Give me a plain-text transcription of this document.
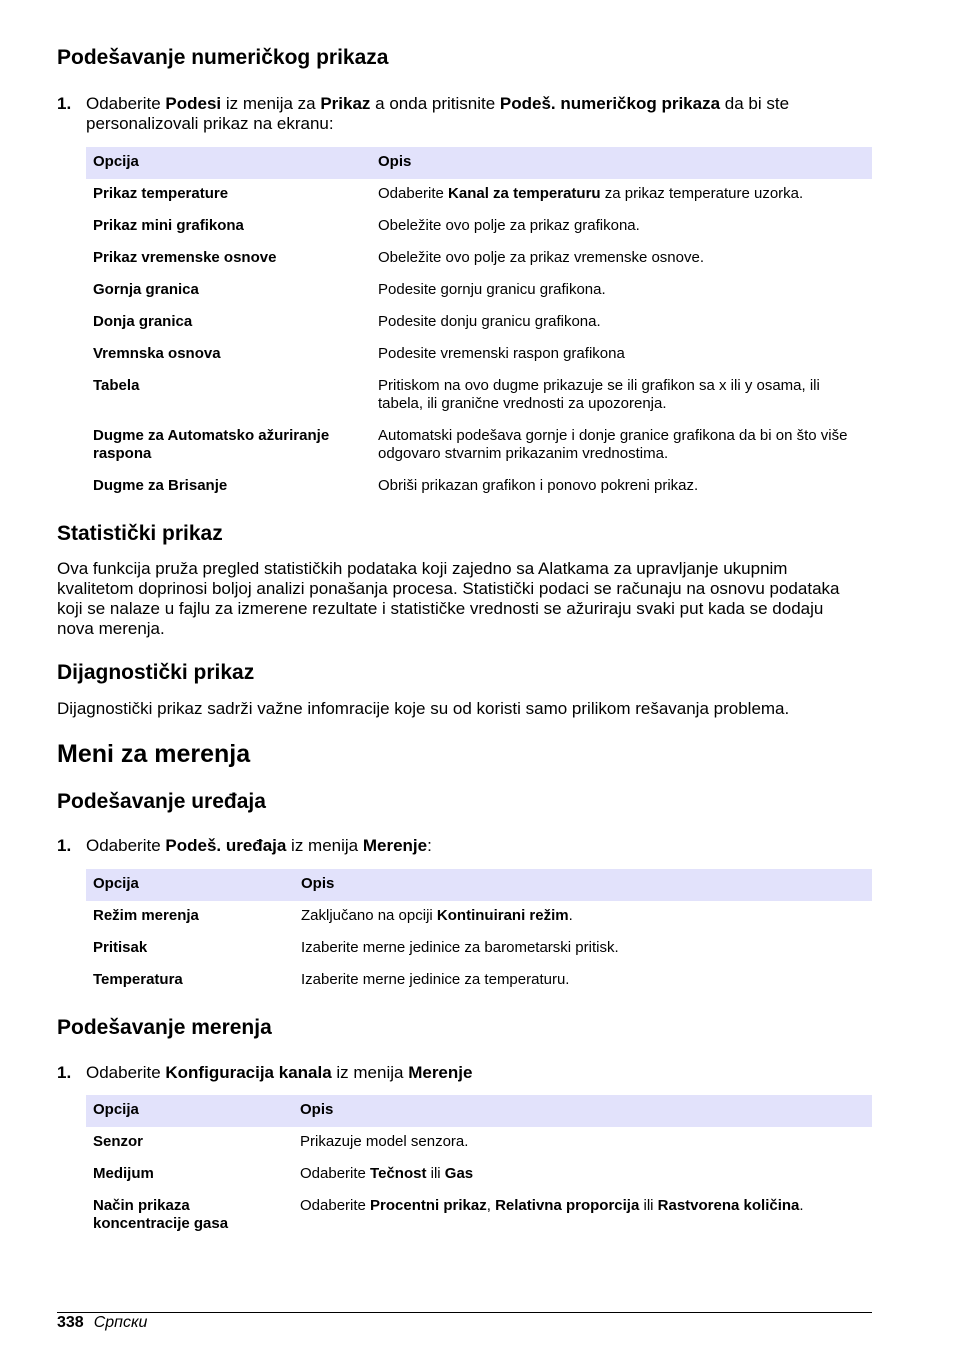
Podešavanje numeričkog prikaza
1. Odaberite Podesi iz menija za Prikaz a onda pritisnite Podeš. numeričkog prikaza da bi ste personalizovali prikaz na ekranu:
Opcija	Opis
Prikaz temperature	Odaberite Kanal za temperaturu za prikaz temperature uzorka.
Prikaz mini grafikona	Obeležite ovo polje za prikaz grafikona.
Prikaz vremenske osnove	Obeležite ovo polje za prikaz vremenske osnove.
Gornja granica	Podesite gornju granicu grafikona.
Donja granica	Podesite donju granicu grafikona.
Vremnska osnova	Podesite vremenski raspon grafikona
Tabela	Pritiskom na ovo dugme prikazuje se ili grafikon sa x ili y osama, ili tabela, ili granične vrednosti za upozorenja.
Dugme za Automatsko ažuriranje raspona	Automatski podešava gornje i donje granice grafikona da bi on što više odgovaro stvarnim prikazanim vrednostima.
Dugme za Brisanje	Obriši prikazan grafikon i ponovo pokreni prikaz.
Statistički prikaz

Ova funkcija pruža pregled statističkih podataka koji zajedno sa Alatkama za upravljanje ukupnim kvalitetom doprinosi boljoj analizi ponašanja procesa. Statistički podaci se računaju na osnovu podataka koji se nalaze u fajlu za izmerene rezultate i statističke vrednosti se ažuriraju svaki put kada se dodaju nova merenja.

Dijagnostički prikaz

Dijagnostički prikaz sadrži važne infomracije koje su od koristi samo prilikom rešavanja problema.

Meni za merenja
Podešavanje uređaja
1. Odaberite Podeš. uređaja iz menija Merenje:
Opcija	Opis
Režim merenja	Zaključano na opciji Kontinuirani režim.
Pritisak	Izaberite merne jedinice za barometarski pritisk.
Temperatura	Izaberite merne jedinice za temperaturu.
Podešavanje merenja
1. Odaberite Konfiguracija kanala iz menija Merenje
Opcija	Opis
Senzor	Prikazuje model senzora.
Medijum	Odaberite Tečnost ili Gas
Način prikaza koncentracije gasa	Odaberite Procentni prikaz, Relativna proporcija ili Rastvorena količina.
338 Српски
